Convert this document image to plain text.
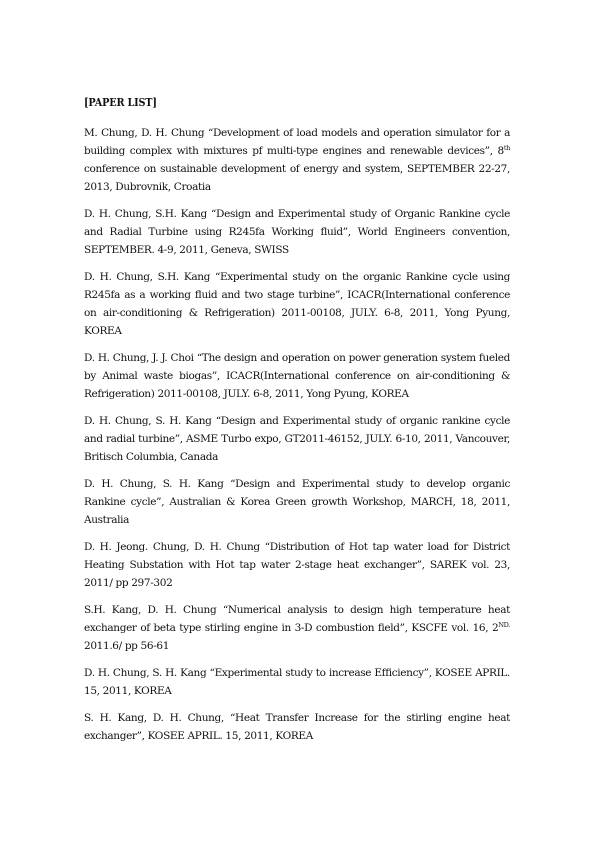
[PAPER LIST]

M. Chung, D. H. Chung “Development of load models and operation simulator for a building complex with mixtures pf multi-type engines and renewable devices”, 8th conference on sustainable development of energy and system, SEPTEMBER 22-27, 2013, Dubrovnik, Croatia

D. H. Chung, S.H. Kang “Design and Experimental study of Organic Rankine cycle and Radial Turbine using R245fa Working fluid”, World Engineers convention, SEPTEMBER. 4-9, 2011, Geneva, SWISS

D. H. Chung, S.H. Kang “Experimental study on the organic Rankine cycle using R245fa as a working fluid and two stage turbine”, ICACR(International conference on air-conditioning & Refrigeration) 2011-00108, JULY. 6-8, 2011, Yong Pyung, KOREA

D. H. Chung, J. J. Choi “The design and operation on power generation system fueled by Animal waste biogas”, ICACR(International conference on air-conditioning & Refrigeration) 2011-00108, JULY. 6-8, 2011, Yong Pyung, KOREA

D. H. Chung, S. H. Kang “Design and Experimental study of organic rankine cycle and radial turbine”, ASME Turbo expo, GT2011-46152, JULY. 6-10, 2011, Vancouver, Britisch Columbia, Canada

D. H. Chung, S. H. Kang “Design and Experimental study to develop organic Rankine cycle”, Australian & Korea Green growth Workshop, MARCH, 18, 2011, Australia

D. H. Jeong. Chung, D. H. Chung “Distribution of Hot tap water load for District Heating Substation with Hot tap water 2-stage heat exchanger”, SAREK vol. 23, 2011/ pp 297-302

S.H. Kang, D. H. Chung “Numerical analysis to design high temperature heat exchanger of beta type stirling engine in 3-D combustion field”, KSCFE vol. 16, $2^{ND.}$ 2011.6/ pp 56-61

D. H. Chung, S. H. Kang “Experimental study to increase Efficiency”, KOSEE APRIL. 15, 2011, KOREA

S. H. Kang, D. H. Chung, “Heat Transfer Increase for the stirling engine heat exchanger”, KOSEE APRIL. 15, 2011, KOREA
